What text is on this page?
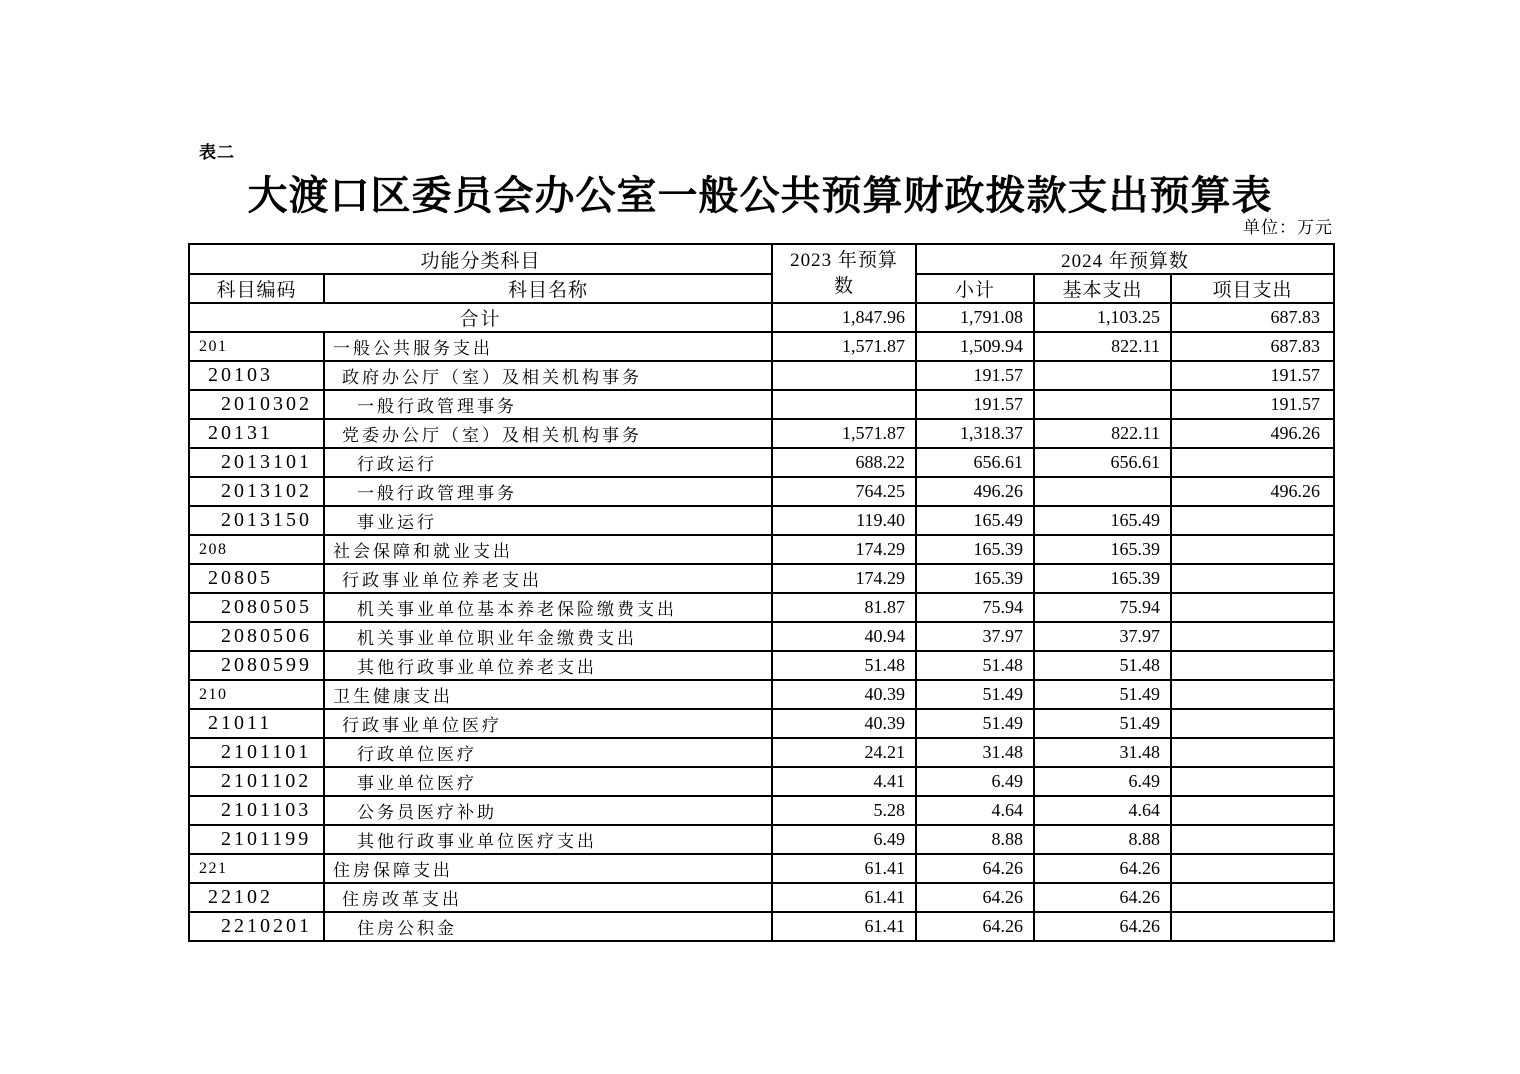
表二
大渡口区委员会办公室一般公共预算财政拨款支出预算表
单位：万元
功能分类科目		2023 年预算数	2024 年预算数		
科目编码	科目名称		小计	基本支出	项目支出
合计		1,847.96	1,791.08	1,103.25	687.83
201	一般公共服务支出	1,571.87	1,509.94	822.11	687.83
20103	政府办公厅（室）及相关机构事务		191.57		191.57
2010302	一般行政管理事务		191.57		191.57
20131	党委办公厅（室）及相关机构事务	1,571.87	1,318.37	822.11	496.26
2013101	行政运行	688.22	656.61	656.61	
2013102	一般行政管理事务	764.25	496.26		496.26
2013150	事业运行	119.40	165.49	165.49	
208	社会保障和就业支出	174.29	165.39	165.39	
20805	行政事业单位养老支出	174.29	165.39	165.39	
2080505	机关事业单位基本养老保险缴费支出	81.87	75.94	75.94	
2080506	机关事业单位职业年金缴费支出	40.94	37.97	37.97	
2080599	其他行政事业单位养老支出	51.48	51.48	51.48	
210	卫生健康支出	40.39	51.49	51.49	
21011	行政事业单位医疗	40.39	51.49	51.49	
2101101	行政单位医疗	24.21	31.48	31.48	
2101102	事业单位医疗	4.41	6.49	6.49	
2101103	公务员医疗补助	5.28	4.64	4.64	
2101199	其他行政事业单位医疗支出	6.49	8.88	8.88	
221	住房保障支出	61.41	64.26	64.26	
22102	住房改革支出	61.41	64.26	64.26	
2210201	住房公积金	61.41	64.26	64.26	
